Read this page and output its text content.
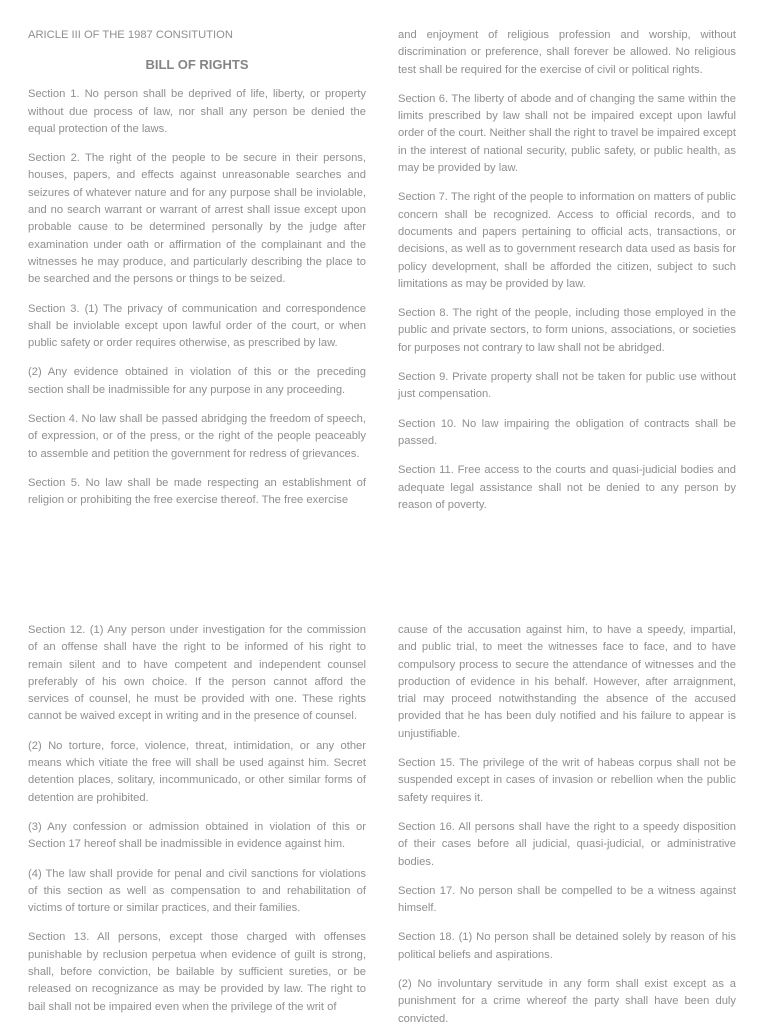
ARICLE III OF THE 1987 CONSITUTION

BILL OF RIGHTS

Section 1. No person shall be deprived of life, liberty, or property without due process of law, nor shall any person be denied the equal protection of the laws.

Section 2. The right of the people to be secure in their persons, houses, papers, and effects against unreasonable searches and seizures of whatever nature and for any purpose shall be inviolable, and no search warrant or warrant of arrest shall issue except upon probable cause to be determined personally by the judge after examination under oath or affirmation of the complainant and the witnesses he may produce, and particularly describing the place to be searched and the persons or things to be seized.

Section 3. (1) The privacy of communication and correspondence shall be inviolable except upon lawful order of the court, or when public safety or order requires otherwise, as prescribed by law.

(2) Any evidence obtained in violation of this or the preceding section shall be inadmissible for any purpose in any proceeding.

Section 4. No law shall be passed abridging the freedom of speech, of expression, or of the press, or the right of the people peaceably to assemble and petition the government for redress of grievances.

Section 5. No law shall be made respecting an establishment of religion or prohibiting the free exercise thereof. The free exercise

and enjoyment of religious profession and worship, without discrimination or preference, shall forever be allowed. No religious test shall be required for the exercise of civil or political rights.

Section 6. The liberty of abode and of changing the same within the limits prescribed by law shall not be impaired except upon lawful order of the court. Neither shall the right to travel be impaired except in the interest of national security, public safety, or public health, as may be provided by law.

Section 7. The right of the people to information on matters of public concern shall be recognized. Access to official records, and to documents and papers pertaining to official acts, transactions, or decisions, as well as to government research data used as basis for policy development, shall be afforded the citizen, subject to such limitations as may be provided by law.

Section 8. The right of the people, including those employed in the public and private sectors, to form unions, associations, or societies for purposes not contrary to law shall not be abridged.

Section 9. Private property shall not be taken for public use without just compensation.

Section 10. No law impairing the obligation of contracts shall be passed.

Section 11. Free access to the courts and quasi-judicial bodies and adequate legal assistance shall not be denied to any person by reason of poverty.

Section 12. (1) Any person under investigation for the commission of an offense shall have the right to be informed of his right to remain silent and to have competent and independent counsel preferably of his own choice. If the person cannot afford the services of counsel, he must be provided with one. These rights cannot be waived except in writing and in the presence of counsel.

(2) No torture, force, violence, threat, intimidation, or any other means which vitiate the free will shall be used against him. Secret detention places, solitary, incommunicado, or other similar forms of detention are prohibited.

(3) Any confession or admission obtained in violation of this or Section 17 hereof shall be inadmissible in evidence against him.

(4) The law shall provide for penal and civil sanctions for violations of this section as well as compensation to and rehabilitation of victims of torture or similar practices, and their families.

Section 13. All persons, except those charged with offenses punishable by reclusion perpetua when evidence of guilt is strong, shall, before conviction, be bailable by sufficient sureties, or be released on recognizance as may be provided by law. The right to bail shall not be impaired even when the privilege of the writ of

cause of the accusation against him, to have a speedy, impartial, and public trial, to meet the witnesses face to face, and to have compulsory process to secure the attendance of witnesses and the production of evidence in his behalf. However, after arraignment, trial may proceed notwithstanding the absence of the accused provided that he has been duly notified and his failure to appear is unjustifiable.

Section 15. The privilege of the writ of habeas corpus shall not be suspended except in cases of invasion or rebellion when the public safety requires it.

Section 16. All persons shall have the right to a speedy disposition of their cases before all judicial, quasi-judicial, or administrative bodies.

Section 17. No person shall be compelled to be a witness against himself.

Section 18. (1) No person shall be detained solely by reason of his political beliefs and aspirations.

(2) No involuntary servitude in any form shall exist except as a punishment for a crime whereof the party shall have been duly convicted.
